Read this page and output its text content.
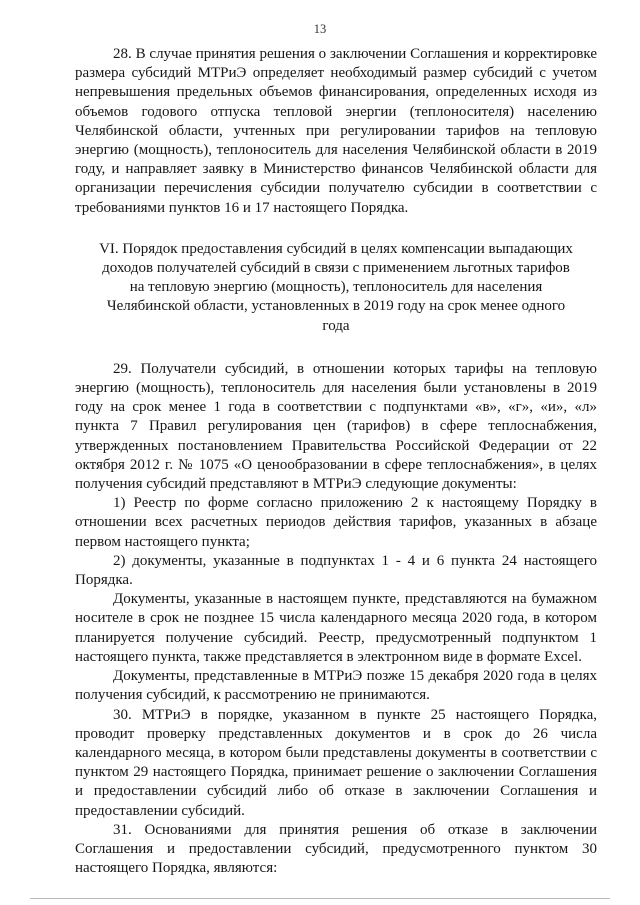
13

28. В случае принятия решения о заключении Соглашения и корректировке размера субсидий МТРиЭ определяет необходимый размер субсидий с учетом непревышения предельных объемов финансирования, определенных исходя из объемов годового отпуска тепловой энергии (теплоносителя) населению Челябинской области, учтенных при регулировании тарифов на тепловую энергию (мощность), теплоноситель для населения Челябинской области в 2019 году, и направляет заявку в Министерство финансов Челябинской области для организации перечисления субсидии получателю субсидии в соответствии с требованиями пунктов 16 и 17 настоящего Порядка.

VI. Порядок предоставления субсидий в целях компенсации выпадающих доходов получателей субсидий в связи с применением льготных тарифов на тепловую энергию (мощность), теплоноситель для населения Челябинской области, установленных в 2019 году на срок менее одного года

29. Получатели субсидий, в отношении которых тарифы на тепловую энергию (мощность), теплоноситель для населения были установлены в 2019 году на срок менее 1 года в соответствии с подпунктами «в», «г», «и», «л» пункта 7 Правил регулирования цен (тарифов) в сфере теплоснабжения, утвержденных постановлением Правительства Российской Федерации от 22 октября 2012 г. № 1075 «О ценообразовании в сфере теплоснабжения», в целях получения субсидий представляют в МТРиЭ следующие документы:

1) Реестр по форме согласно приложению 2 к настоящему Порядку в отношении всех расчетных периодов действия тарифов, указанных в абзаце первом настоящего пункта;

2) документы, указанные в подпунктах 1 - 4 и 6 пункта 24 настоящего Порядка.

Документы, указанные в настоящем пункте, представляются на бумажном носителе в срок не позднее 15 числа календарного месяца 2020 года, в котором планируется получение субсидий. Реестр, предусмотренный подпунктом 1 настоящего пункта, также представляется в электронном виде в формате Excel.

Документы, представленные в МТРиЭ позже 15 декабря 2020 года в целях получения субсидий, к рассмотрению не принимаются.

30. МТРиЭ в порядке, указанном в пункте 25 настоящего Порядка, проводит проверку представленных документов и в срок до 26 числа календарного месяца, в котором были представлены документы в соответствии с пунктом 29 настоящего Порядка, принимает решение о заключении Соглашения и предоставлении субсидий либо об отказе в заключении Соглашения и предоставлении субсидий.

31. Основаниями для принятия решения об отказе в заключении Соглашения и предоставлении субсидий, предусмотренного пунктом 30 настоящего Порядка, являются:
